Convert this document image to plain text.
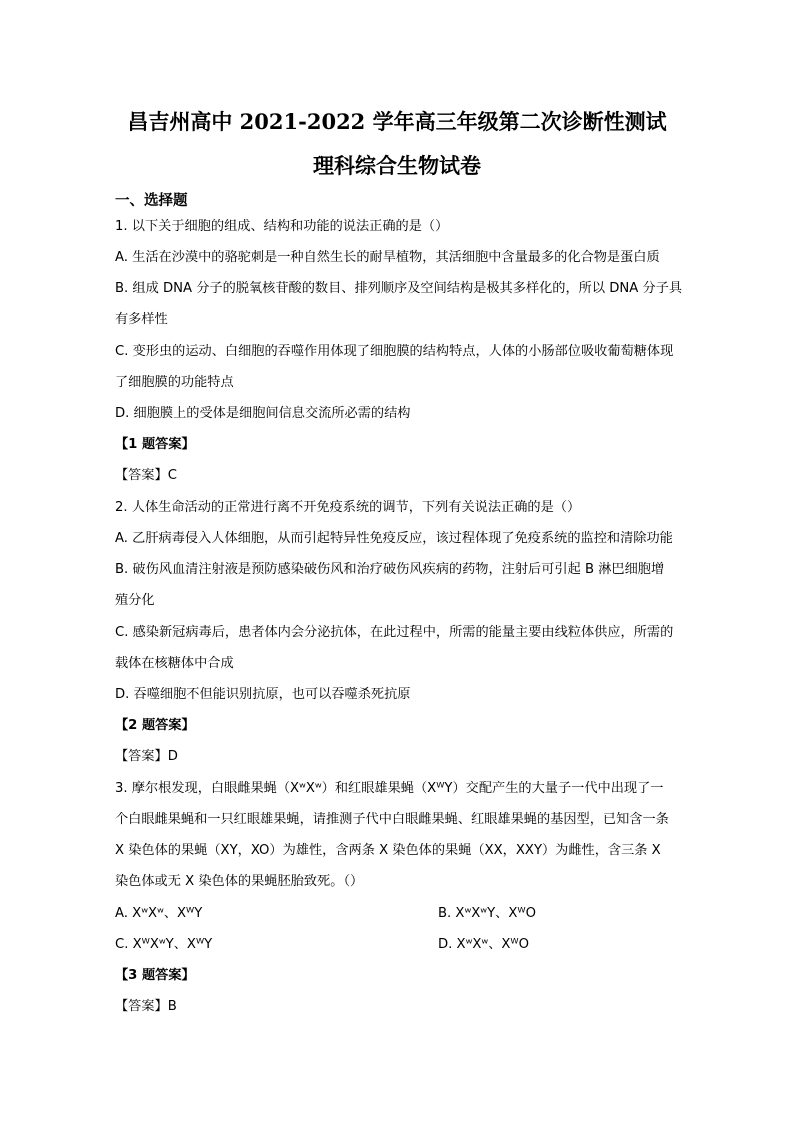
昌吉州高中 2021-2022 学年高三年级第二次诊断性测试
理科综合生物试卷
一、选择题
1. 以下关于细胞的组成、结构和功能的说法正确的是（）
A. 生活在沙漠中的骆驼刺是一种自然生长的耐旱植物，其活细胞中含量最多的化合物是蛋白质
B. 组成 DNA 分子的脱氧核苷酸的数目、排列顺序及空间结构是极其多样化的，所以 DNA 分子具
有多样性
C. 变形虫的运动、白细胞的吞噬作用体现了细胞膜的结构特点，人体的小肠部位吸收葡萄糖体现
了细胞膜的功能特点
D. 细胞膜上的受体是细胞间信息交流所必需的结构
【1 题答案】
【答案】C
2. 人体生命活动的正常进行离不开免疫系统的调节，下列有关说法正确的是（）
A. 乙肝病毒侵入人体细胞，从而引起特异性免疫反应，该过程体现了免疫系统的监控和清除功能
B. 破伤风血清注射液是预防感染破伤风和治疗破伤风疾病的药物，注射后可引起 B 淋巴细胞增
殖分化
C. 感染新冠病毒后，患者体内会分泌抗体，在此过程中，所需的能量主要由线粒体供应，所需的
载体在核糖体中合成
D. 吞噬细胞不但能识别抗原，也可以吞噬杀死抗原
【2 题答案】
【答案】D
3. 摩尔根发现，白眼雌果蝇（XʷXʷ）和红眼雄果蝇（XᵂY）交配产生的大量子一代中出现了一
个白眼雌果蝇和一只红眼雄果蝇，请推测子代中白眼雌果蝇、红眼雄果蝇的基因型，已知含一条
X 染色体的果蝇（XY，XO）为雄性，含两条 X 染色体的果蝇（XX，XXY）为雌性，含三条 X
染色体或无 X 染色体的果蝇胚胎致死。（）
A. XʷXʷ、XᵂY	B. XʷXʷY、XᵂO
C. XᵂXʷY、XᵂY	D. XʷXʷ、XᵂO
【3 题答案】
【答案】B
